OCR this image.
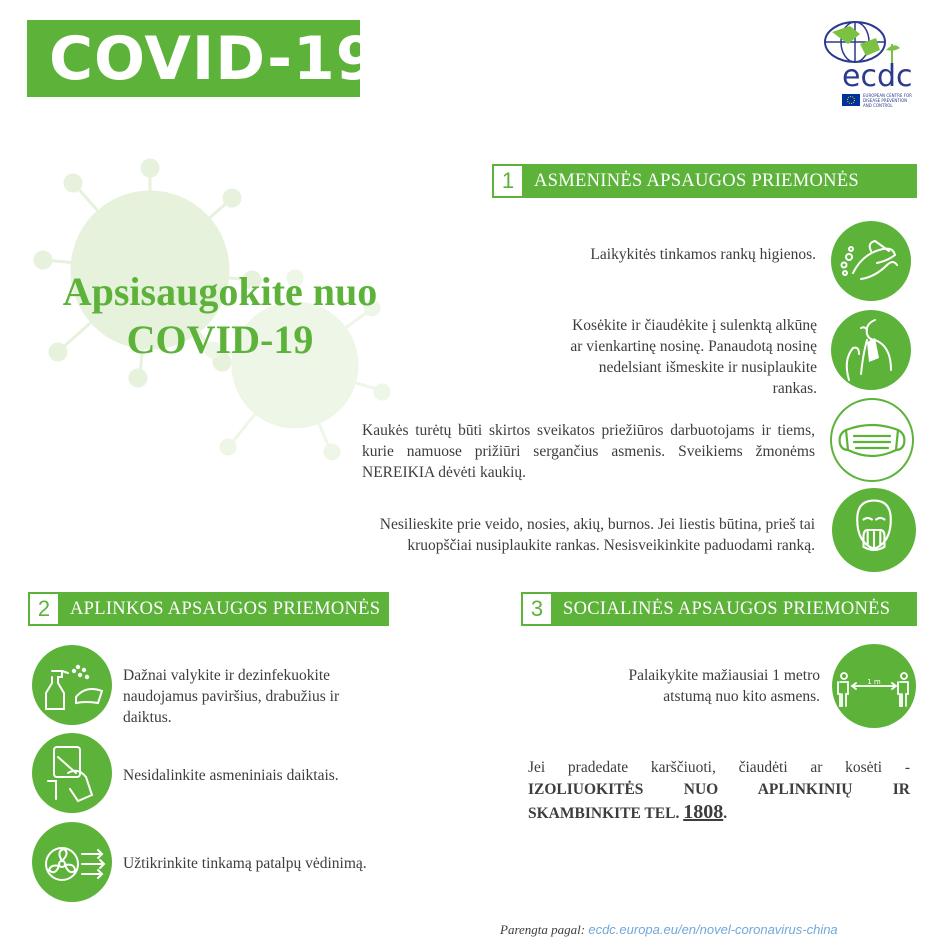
COVID-19	ecdc
EUROPEAN CENTRE FOR
DISEASE PREVENTION
AND CONTROL
Apsisaugokite nuo
COVID-19
1	ASMENINĖS APSAUGOS PRIEMONĖS
Laikykitės tinkamos rankų higienos.
Kosėkite ir čiaudėkite į sulenktą alkūnę ar vienkartinę nosinę. Panaudotą nosinę nedelsiant išmeskite ir nusiplaukite rankas.
Kaukės turėtų būti skirtos sveikatos priežiūros darbuotojams ir tiems, kurie namuose prižiūri sergančius asmenis. Sveikiems žmonėms NEREIKIA dėvėti kaukių.
Nesilieskite prie veido, nosies, akių, burnos. Jei liestis būtina, prieš tai kruopščiai nusiplaukite rankas. Nesisveikinkite paduodami ranką.
2	APLINKOS APSAUGOS PRIEMONĖS
Dažnai valykite ir dezinfekuokite naudojamus paviršius, drabužius ir daiktus.
Nesidalinkite asmeniniais daiktais.
Užtikrinkite tinkamą patalpų vėdinimą.
3	SOCIALINĖS APSAUGOS PRIEMONĖS
Palaikykite mažiausiai 1 metro atstumą nuo kito asmens.
1 m
Jei pradedate karščiuoti, čiaudėti ar kosėti - IZOLIUOKITĖS NUO APLINKINIŲ IR SKAMBINKITE TEL. 1808.
Parengta pagal: ecdc.europa.eu/en/novel-coronavirus-china
